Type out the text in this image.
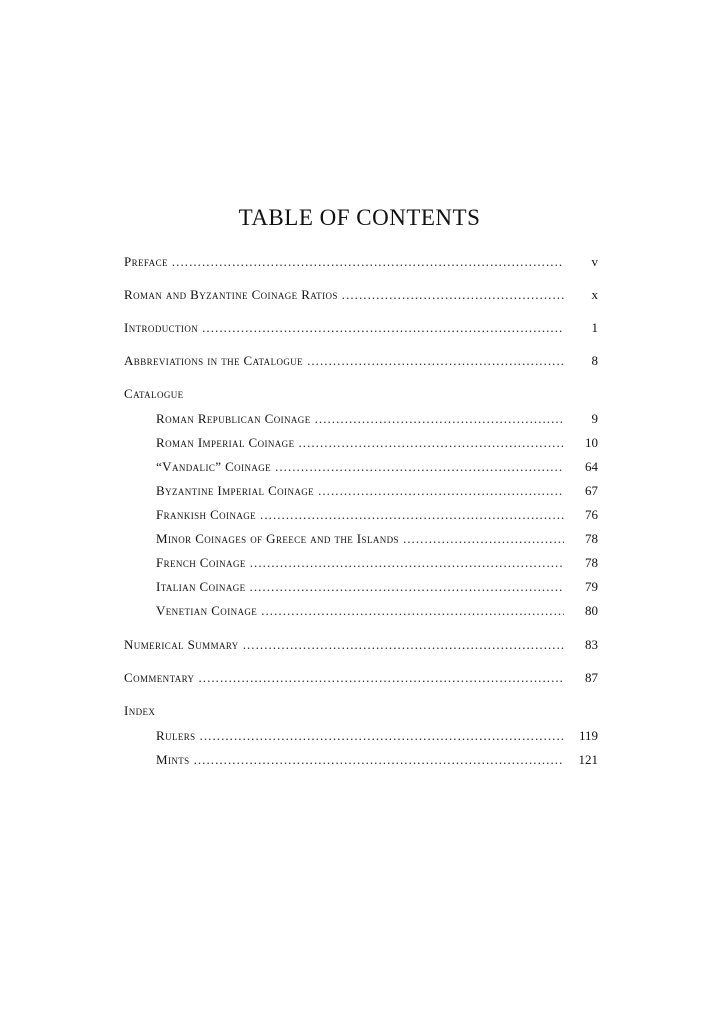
TABLE OF CONTENTS
Preface . . .	v
Roman and Byzantine Coinage Ratios . . .	x
Introduction . . .	1
Abbreviations in the Catalogue . . .	8
Catalogue
Roman Republican Coinage . . .	9
Roman Imperial Coinage . . .	10
“Vandalic” Coinage . . .	64
Byzantine Imperial Coinage . . .	67
Frankish Coinage . . .	76
Minor Coinages of Greece and the Islands . . .	78
French Coinage . . .	78
Italian Coinage . . .	79
Venetian Coinage . . .	80
Numerical Summary . . .	83
Commentary . . .	87
Index
Rulers . . .	119
Mints . . .	121
